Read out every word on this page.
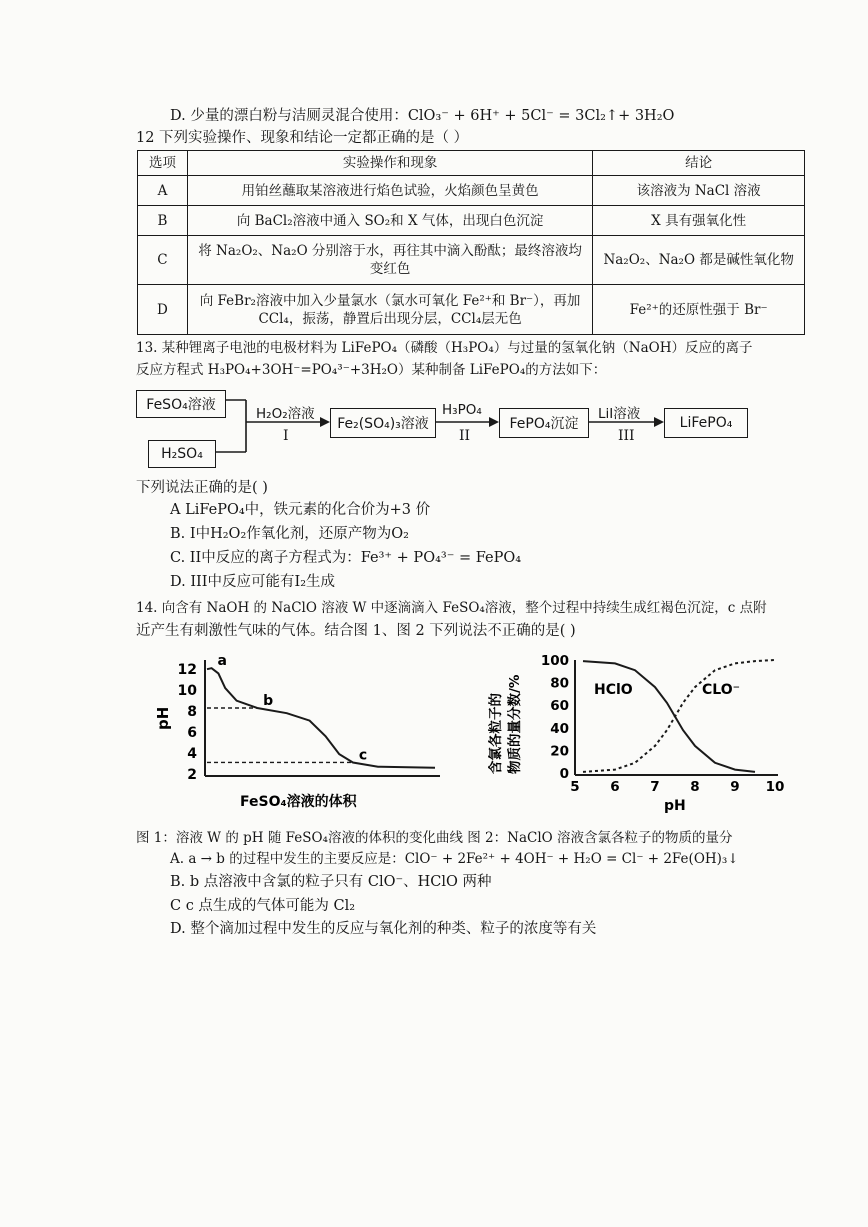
D. 少量的漂白粉与洁厕灵混合使用：ClO₃⁻ + 6H⁺ + 5Cl⁻ = 3Cl₂↑+ 3H₂O
12 下列实验操作、现象和结论一定都正确的是（ ）
选项	实验操作和现象	结论
A	用铂丝蘸取某溶液进行焰色试验，火焰颜色呈黄色	该溶液为 NaCl 溶液
B	向 BaCl₂溶液中通入 SO₂和 X 气体，出现白色沉淀	X 具有强氧化性
C	将 Na₂O₂、Na₂O 分别溶于水，再往其中滴入酚酞；最终溶液均变红色	Na₂O₂、Na₂O 都是碱性氧化物
D	向 FeBr₂溶液中加入少量氯水（氯水可氧化 Fe²⁺和 Br⁻），再加 CCl₄，振荡，静置后出现分层，CCl₄层无色	Fe²⁺的还原性强于 Br⁻
13. 某种锂离子电池的电极材料为 LiFePO₄（磷酸（H₃PO₄）与过量的氢氧化钠（NaOH）反应的离子
反应方程式 H₃PO₄+3OH⁻=PO₄³⁻+3H₂O）某种制备 LiFePO₄的方法如下：
FeSO₄溶液
H₂SO₄
Fe₂(SO₄)₃溶液	FePO₄沉淀	LiFePO₄
H₂O₂溶液	H₃PO₄	LiI溶液
I	II	III
下列说法正确的是( )
A LiFePO₄中，铁元素的化合价为+3 价
B. I中H₂O₂作氧化剂，还原产物为O₂
C. II中反应的离子方程式为：Fe³⁺ + PO₄³⁻ = FePO₄
D. III中反应可能有I₂生成
14. 向含有 NaOH 的 NaClO 溶液 W 中逐滴滴入 FeSO₄溶液，整个过程中持续生成红褐色沉淀，c 点附
近产生有刺激性气味的气体。结合图 1、图 2 下列说法不正确的是( )
pH
12
10
8
6
4
2
a
b
c
FeSO₄溶液的体积
含氯各粒子的 物质的量分数/%
100
80
60
40
20
0
5 6 7 8 9 10
HClO	CLO⁻
pH
图 1：溶液 W 的 pH 随 FeSO₄溶液的体积的变化曲线 图 2：NaClO 溶液含氯各粒子的物质的量分
A. a → b 的过程中发生的主要反应是：ClO⁻ + 2Fe²⁺ + 4OH⁻ + H₂O = Cl⁻ + 2Fe(OH)₃↓
B. b 点溶液中含氯的粒子只有 ClO⁻、HClO 两种
C c 点生成的气体可能为 Cl₂
D. 整个滴加过程中发生的反应与氧化剂的种类、粒子的浓度等有关
